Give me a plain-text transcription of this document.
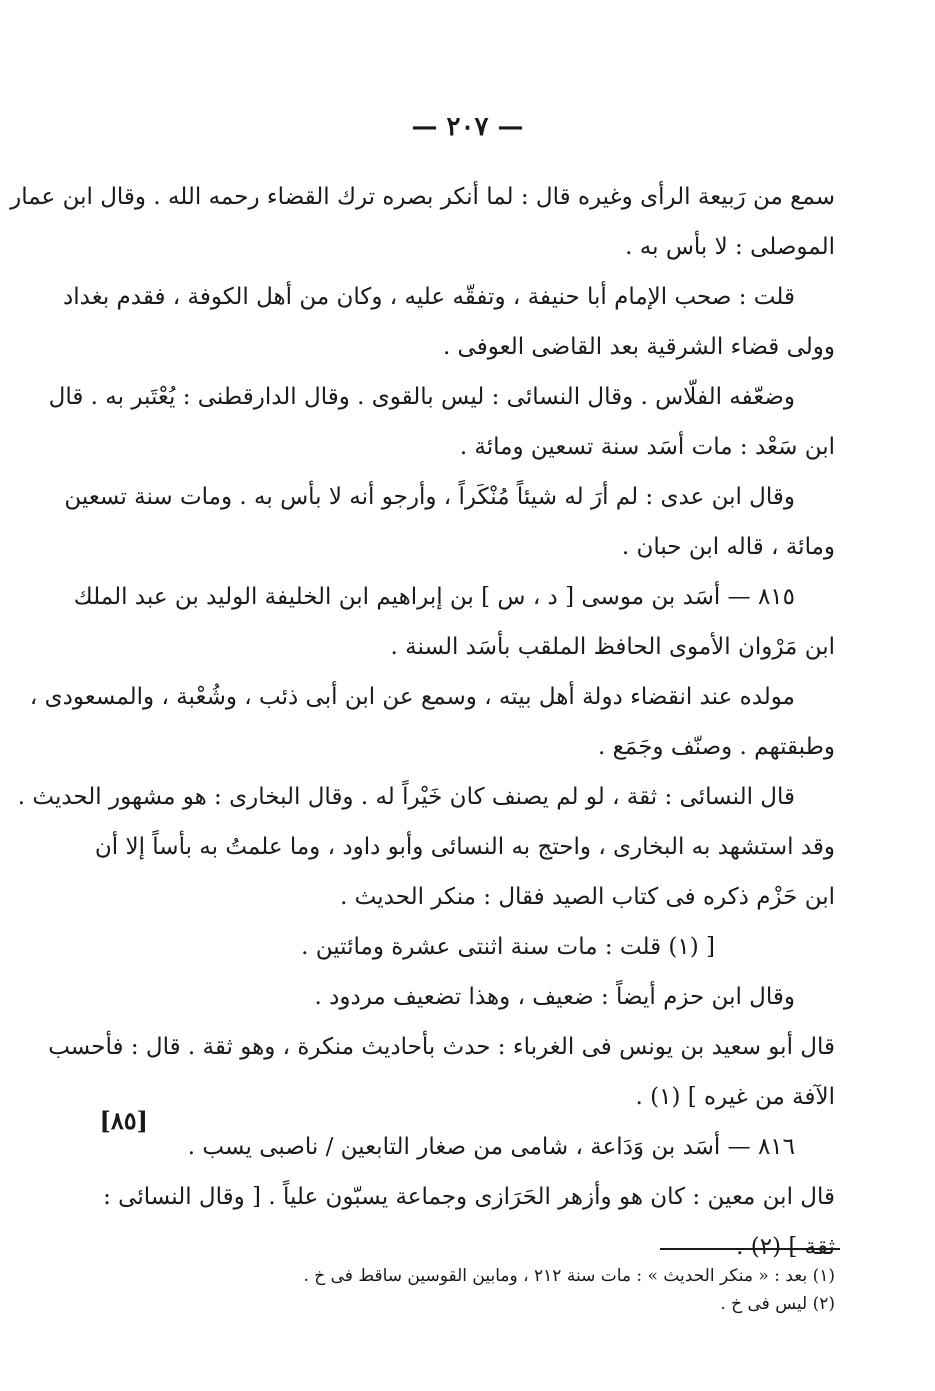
— ٢٠٧ —
سمع من رَبيعة الرأى وغيره قال : لما أنكر بصره ترك القضاء رحمه الله . وقال ابن عمار
الموصلى : لا بأس به .
قلت : صحب الإمام أبا حنيفة ، وتفقّه عليه ، وكان من أهل الكوفة ، فقدم بغداد
وولى قضاء الشرقية بعد القاضى العوفى .
وضعّفه الفلّاس . وقال النسائى : ليس بالقوى . وقال الدارقطنى : يُعْتَبر به . قال
ابن سَعْد : مات أسَد سنة تسعين ومائة .
وقال ابن عدى : لم أرَ له شيئاً مُنْكَراً ، وأرجو أنه لا بأس به . ومات سنة تسعين
ومائة ، قاله ابن حبان .
٨١٥ — أسَد بن موسى [ د ، س ] بن إبراهيم ابن الخليفة الوليد بن عبد الملك
ابن مَرْوان الأموى الحافظ الملقب بأسَد السنة .
مولده عند انقضاء دولة أهل بيته ، وسمع عن ابن أبى ذئب ، وشُعْبة ، والمسعودى ،
وطبقتهم . وصنّف وجَمَع .
قال النسائى : ثقة ، لو لم يصنف كان خَيْراً له . وقال البخارى : هو مشهور الحديث .
وقد استشهد به البخارى ، واحتج به النسائى وأبو داود ، وما علمتُ به بأساً إلا أن
ابن حَزْم ذكره فى كتاب الصيد فقال : منكر الحديث .
[ (١) قلت : مات سنة اثنتى عشرة ومائتين .
وقال ابن حزم أيضاً : ضعيف ، وهذا تضعيف مردود .
قال أبو سعيد بن يونس فى الغرباء : حدث بأحاديث منكرة ، وهو ثقة . قال : فأحسب
الآفة من غيره ] (١) .
٨١٦ — أسَد بن وَدَاعة ، شامى من صغار التابعين / ناصبى يسب .
قال ابن معين : كان هو وأزهر الحَرَازى وجماعة يسبّون علياً . [ وقال النسائى :
ثقة ] (٢) .
[٨٥]
(١) بعد : « منكر الحديث » : مات سنة ٢١٢ ، ومابين القوسين ساقط فى خ .
(٢) ليس فى خ .
